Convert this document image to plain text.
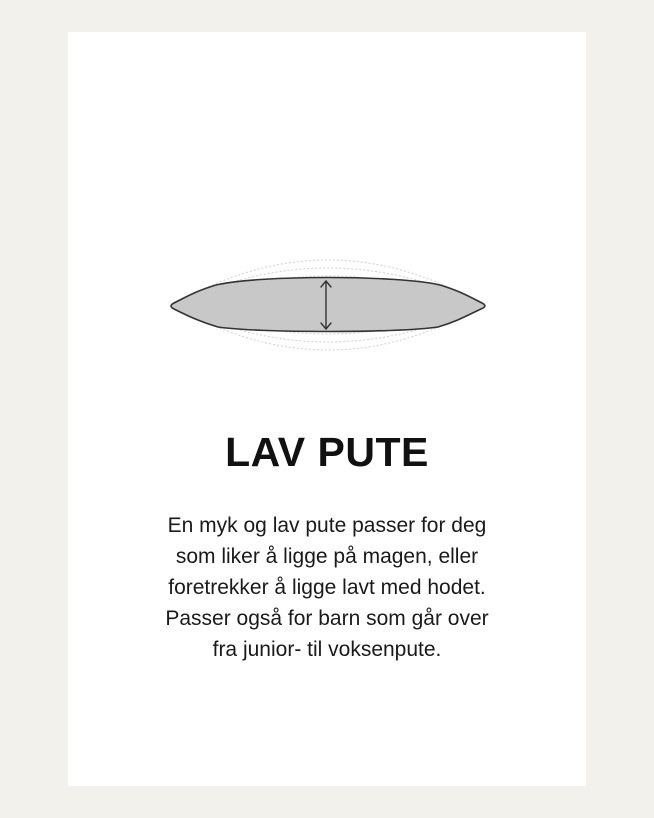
LAV PUTE

En myk og lav pute passer for deg
som liker å ligge på magen, eller
foretrekker å ligge lavt med hodet.
Passer også for barn som går over
fra junior- til voksenpute.
